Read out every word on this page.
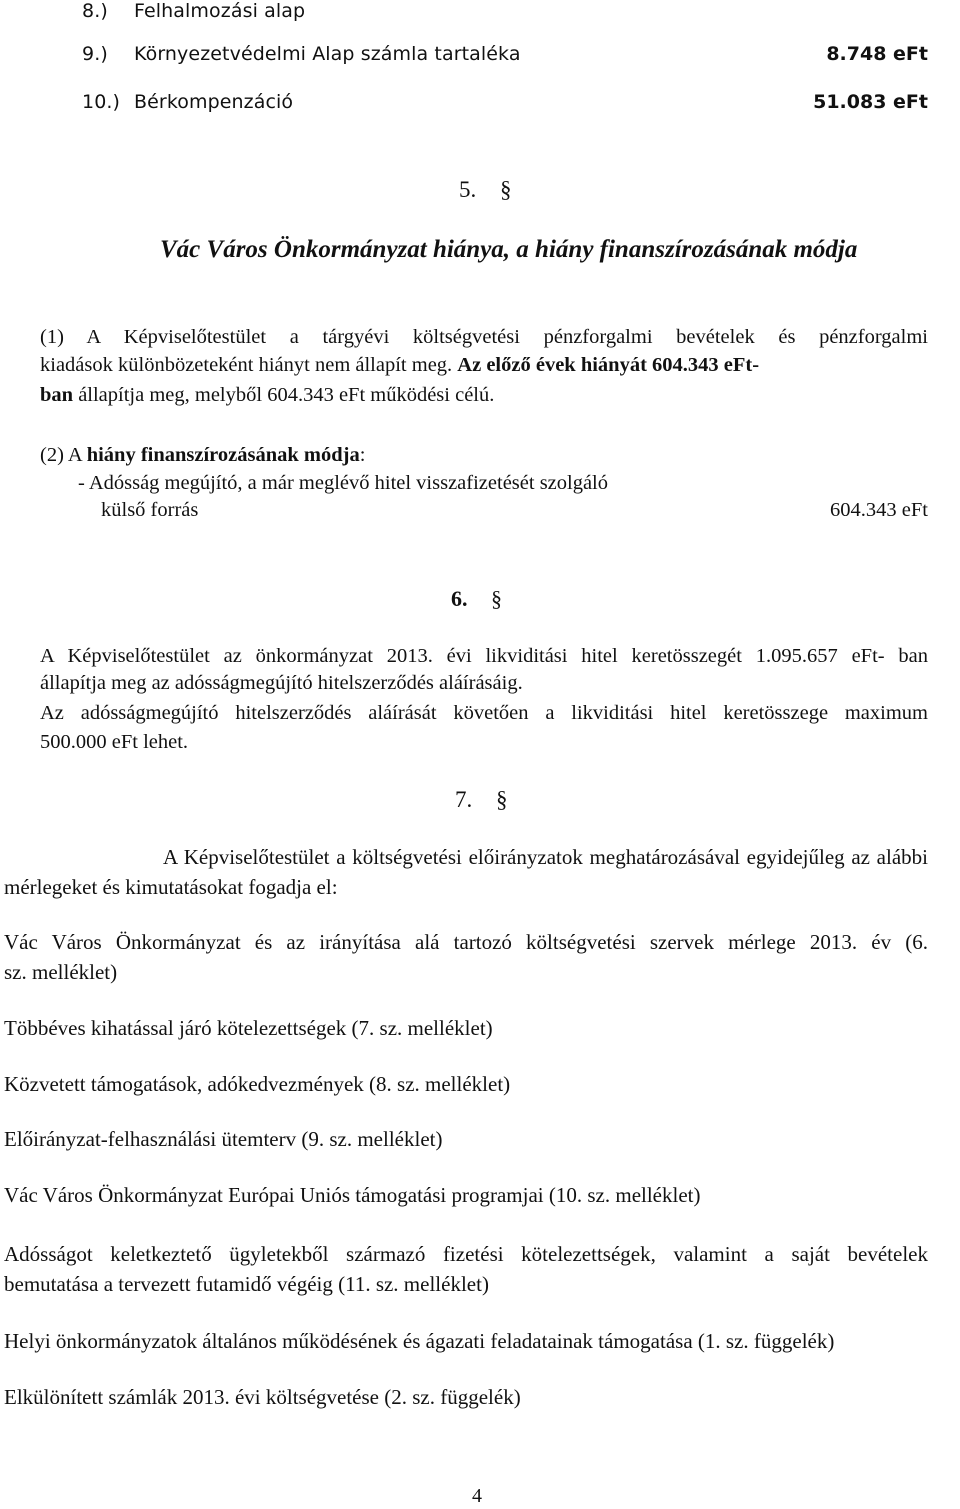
8.) Felhalmozási alap
9.) Környezetvédelmi Alap számla tartaléka	8.748 eFt
10.) Bérkompenzáció	51.083 eFt
5. §
Vác Város Önkormányzat hiánya, a hiány finanszírozásának módja
(1) A Képviselőtestület a tárgyévi költségvetési pénzforgalmi bevételek és pénzforgalmi
kiadások különbözeteként hiányt nem állapít meg. Az előző évek hiányát 604.343 eFt-
ban állapítja meg, melyből 604.343 eFt működési célú.
(2) A hiány finanszírozásának módja:
- Adósság megújító, a már meglévő hitel visszafizetését szolgáló
külső forrás	604.343 eFt
6. §
A Képviselőtestület az önkormányzat 2013. évi likviditási hitel keretösszegét 1.095.657 eFt- ban
állapítja meg az adósságmegújító hitelszerződés aláírásáig.
Az adósságmegújító hitelszerződés aláírását követően a likviditási hitel keretösszege maximum
500.000 eFt lehet.
7. §
A Képviselőtestület a költségvetési előirányzatok meghatározásával egyidejűleg az alábbi
mérlegeket és kimutatásokat fogadja el:
Vác Város Önkormányzat és az irányítása alá tartozó költségvetési szervek mérlege 2013. év (6.
sz. melléklet)
Többéves kihatással járó kötelezettségek (7. sz. melléklet)
Közvetett támogatások, adókedvezmények (8. sz. melléklet)
Előirányzat-felhasználási ütemterv (9. sz. melléklet)
Vác Város Önkormányzat Európai Uniós támogatási programjai (10. sz. melléklet)
Adósságot keletkeztető ügyletekből származó fizetési kötelezettségek, valamint a saját bevételek
bemutatása a tervezett futamidő végéig (11. sz. melléklet)
Helyi önkormányzatok általános működésének és ágazati feladatainak támogatása (1. sz. függelék)
Elkülönített számlák 2013. évi költségvetése (2. sz. függelék)
4
